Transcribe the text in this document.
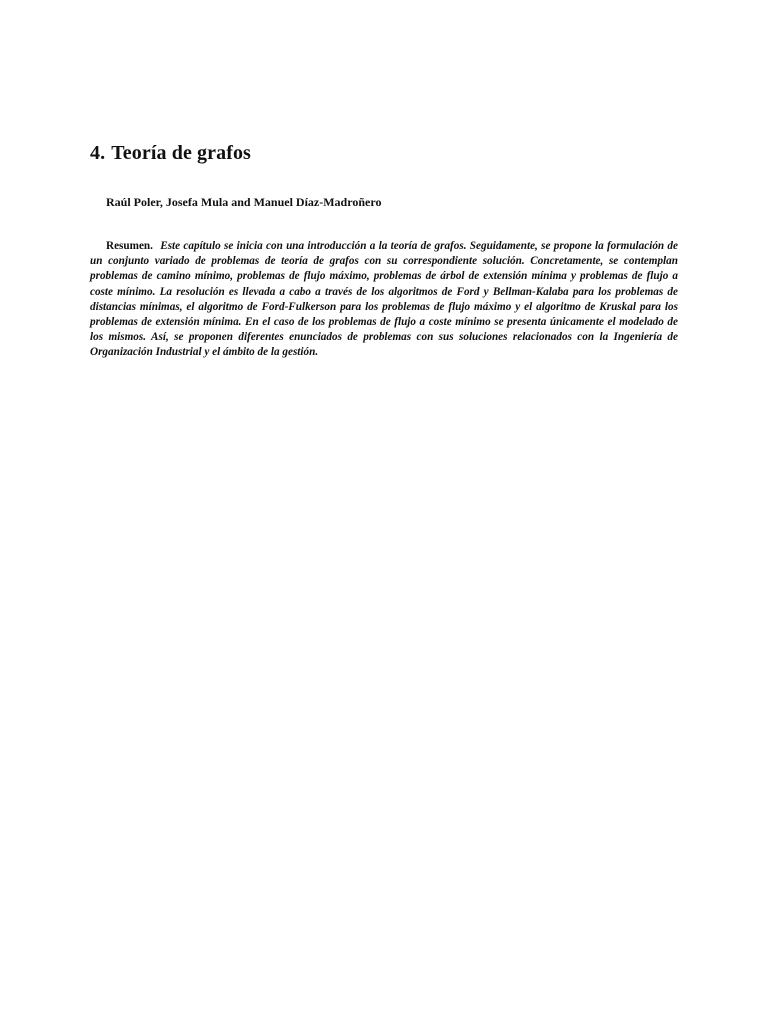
4. Teoría de grafos

Raúl Poler, Josefa Mula and Manuel Díaz-Madroñero

Resumen. Este capítulo se inicia con una introducción a la teoría de grafos. Seguidamente, se propone la formulación de un conjunto variado de problemas de teoría de grafos con su correspondiente solución. Concretamente, se contemplan problemas de camino mínimo, problemas de flujo máximo, problemas de árbol de extensión mínima y problemas de flujo a coste mínimo. La resolución es llevada a cabo a través de los algoritmos de Ford y Bellman-Kalaba para los problemas de distancias mínimas, el algoritmo de Ford-Fulkerson para los problemas de flujo máximo y el algoritmo de Kruskal para los problemas de extensión mínima. En el caso de los problemas de flujo a coste mínimo se presenta únicamente el modelado de los mismos. Así, se proponen diferentes enunciados de problemas con sus soluciones relacionados con la Ingeniería de Organización Industrial y el ámbito de la gestión.
